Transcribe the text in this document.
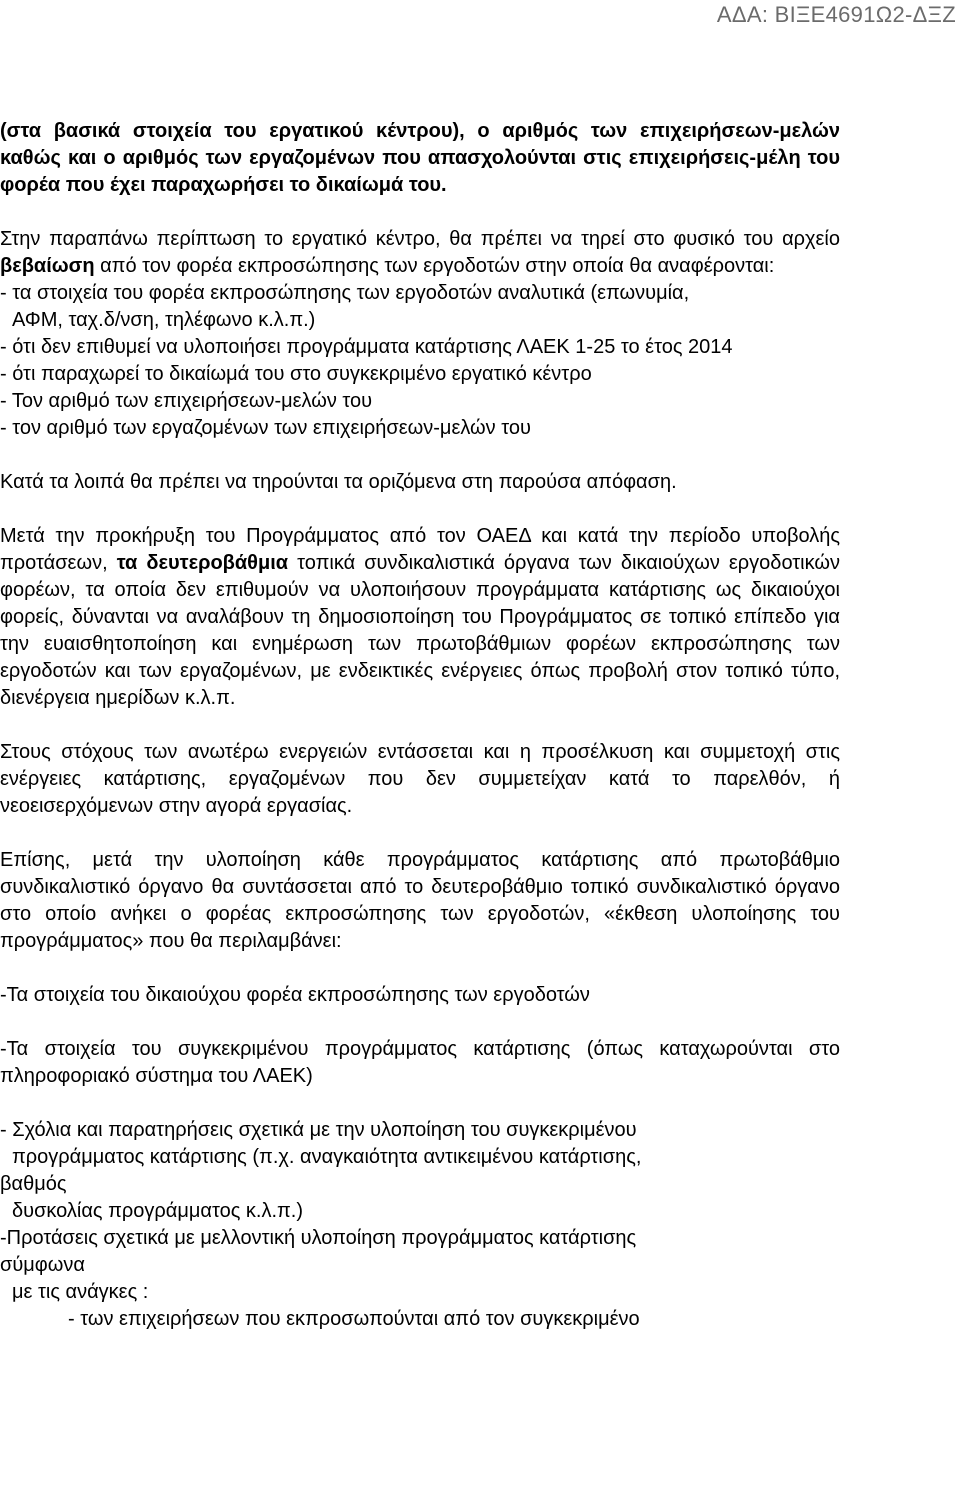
ΑΔΑ: ΒΙΞΕ4691Ω2-ΔΞΖ

(στα βασικά στοιχεία του εργατικού κέντρου), ο αριθμός των επιχειρήσεων-μελών καθώς και ο αριθμός των εργαζομένων που απασχολούνται στις επιχειρήσεις-μέλη του φορέα που έχει παραχωρήσει το δικαίωμά του.

Στην παραπάνω περίπτωση το εργατικό κέντρο, θα πρέπει να τηρεί στο φυσικό του αρχείο βεβαίωση από τον φορέα εκπροσώπησης των εργοδοτών στην οποία θα αναφέρονται:

- τα στοιχεία του φορέα εκπροσώπησης των εργοδοτών αναλυτικά (επωνυμία,

ΑΦΜ, ταχ.δ/νση, τηλέφωνο κ.λ.π.)

- ότι δεν επιθυμεί να υλοποιήσει προγράμματα κατάρτισης ΛΑΕΚ 1-25 το έτος 2014

- ότι παραχωρεί το δικαίωμά του στο συγκεκριμένο εργατικό κέντρο

- Τον αριθμό των επιχειρήσεων-μελών του

- τον αριθμό των εργαζομένων των επιχειρήσεων-μελών του

Κατά τα λοιπά θα πρέπει να τηρούνται τα οριζόμενα στη παρούσα απόφαση.

Μετά την προκήρυξη του Προγράμματος από τον ΟΑΕΔ και κατά την περίοδο υποβολής προτάσεων, τα δευτεροβάθμια τοπικά συνδικαλιστικά όργανα των δικαιούχων εργοδοτικών φορέων, τα οποία δεν επιθυμούν να υλοποιήσουν προγράμματα κατάρτισης ως δικαιούχοι φορείς, δύνανται να αναλάβουν τη δημοσιοποίηση του Προγράμματος σε τοπικό επίπεδο για την ευαισθητοποίηση και ενημέρωση των πρωτοβάθμιων φορέων εκπροσώπησης των εργοδοτών και των εργαζομένων, με ενδεικτικές ενέργειες όπως προβολή στον τοπικό τύπο, διενέργεια ημερίδων κ.λ.π.

Στους στόχους των ανωτέρω ενεργειών εντάσσεται και η προσέλκυση και συμμετοχή στις ενέργειες κατάρτισης, εργαζομένων που δεν συμμετείχαν κατά το παρελθόν, ή νεοεισερχόμενων στην αγορά εργασίας.

Επίσης, μετά την υλοποίηση κάθε προγράμματος κατάρτισης από πρωτοβάθμιο συνδικαλιστικό όργανο θα συντάσσεται από το δευτεροβάθμιο τοπικό συνδικαλιστικό όργανο στο οποίο ανήκει ο φορέας εκπροσώπησης των εργοδοτών, «έκθεση υλοποίησης του προγράμματος» που θα περιλαμβάνει:

-Τα στοιχεία του δικαιούχου φορέα εκπροσώπησης των εργοδοτών

-Τα στοιχεία του συγκεκριμένου προγράμματος κατάρτισης (όπως καταχωρούνται στο πληροφοριακό σύστημα του ΛΑΕΚ)

- Σχόλια και παρατηρήσεις σχετικά με την υλοποίηση του συγκεκριμένου

προγράμματος κατάρτισης (π.χ. αναγκαιότητα αντικειμένου κατάρτισης,

βαθμός

δυσκολίας προγράμματος κ.λ.π.)

-Προτάσεις σχετικά με μελλοντική υλοποίηση προγράμματος κατάρτισης

σύμφωνα

με τις ανάγκες :

- των επιχειρήσεων που εκπροσωπούνται από τον συγκεκριμένο
